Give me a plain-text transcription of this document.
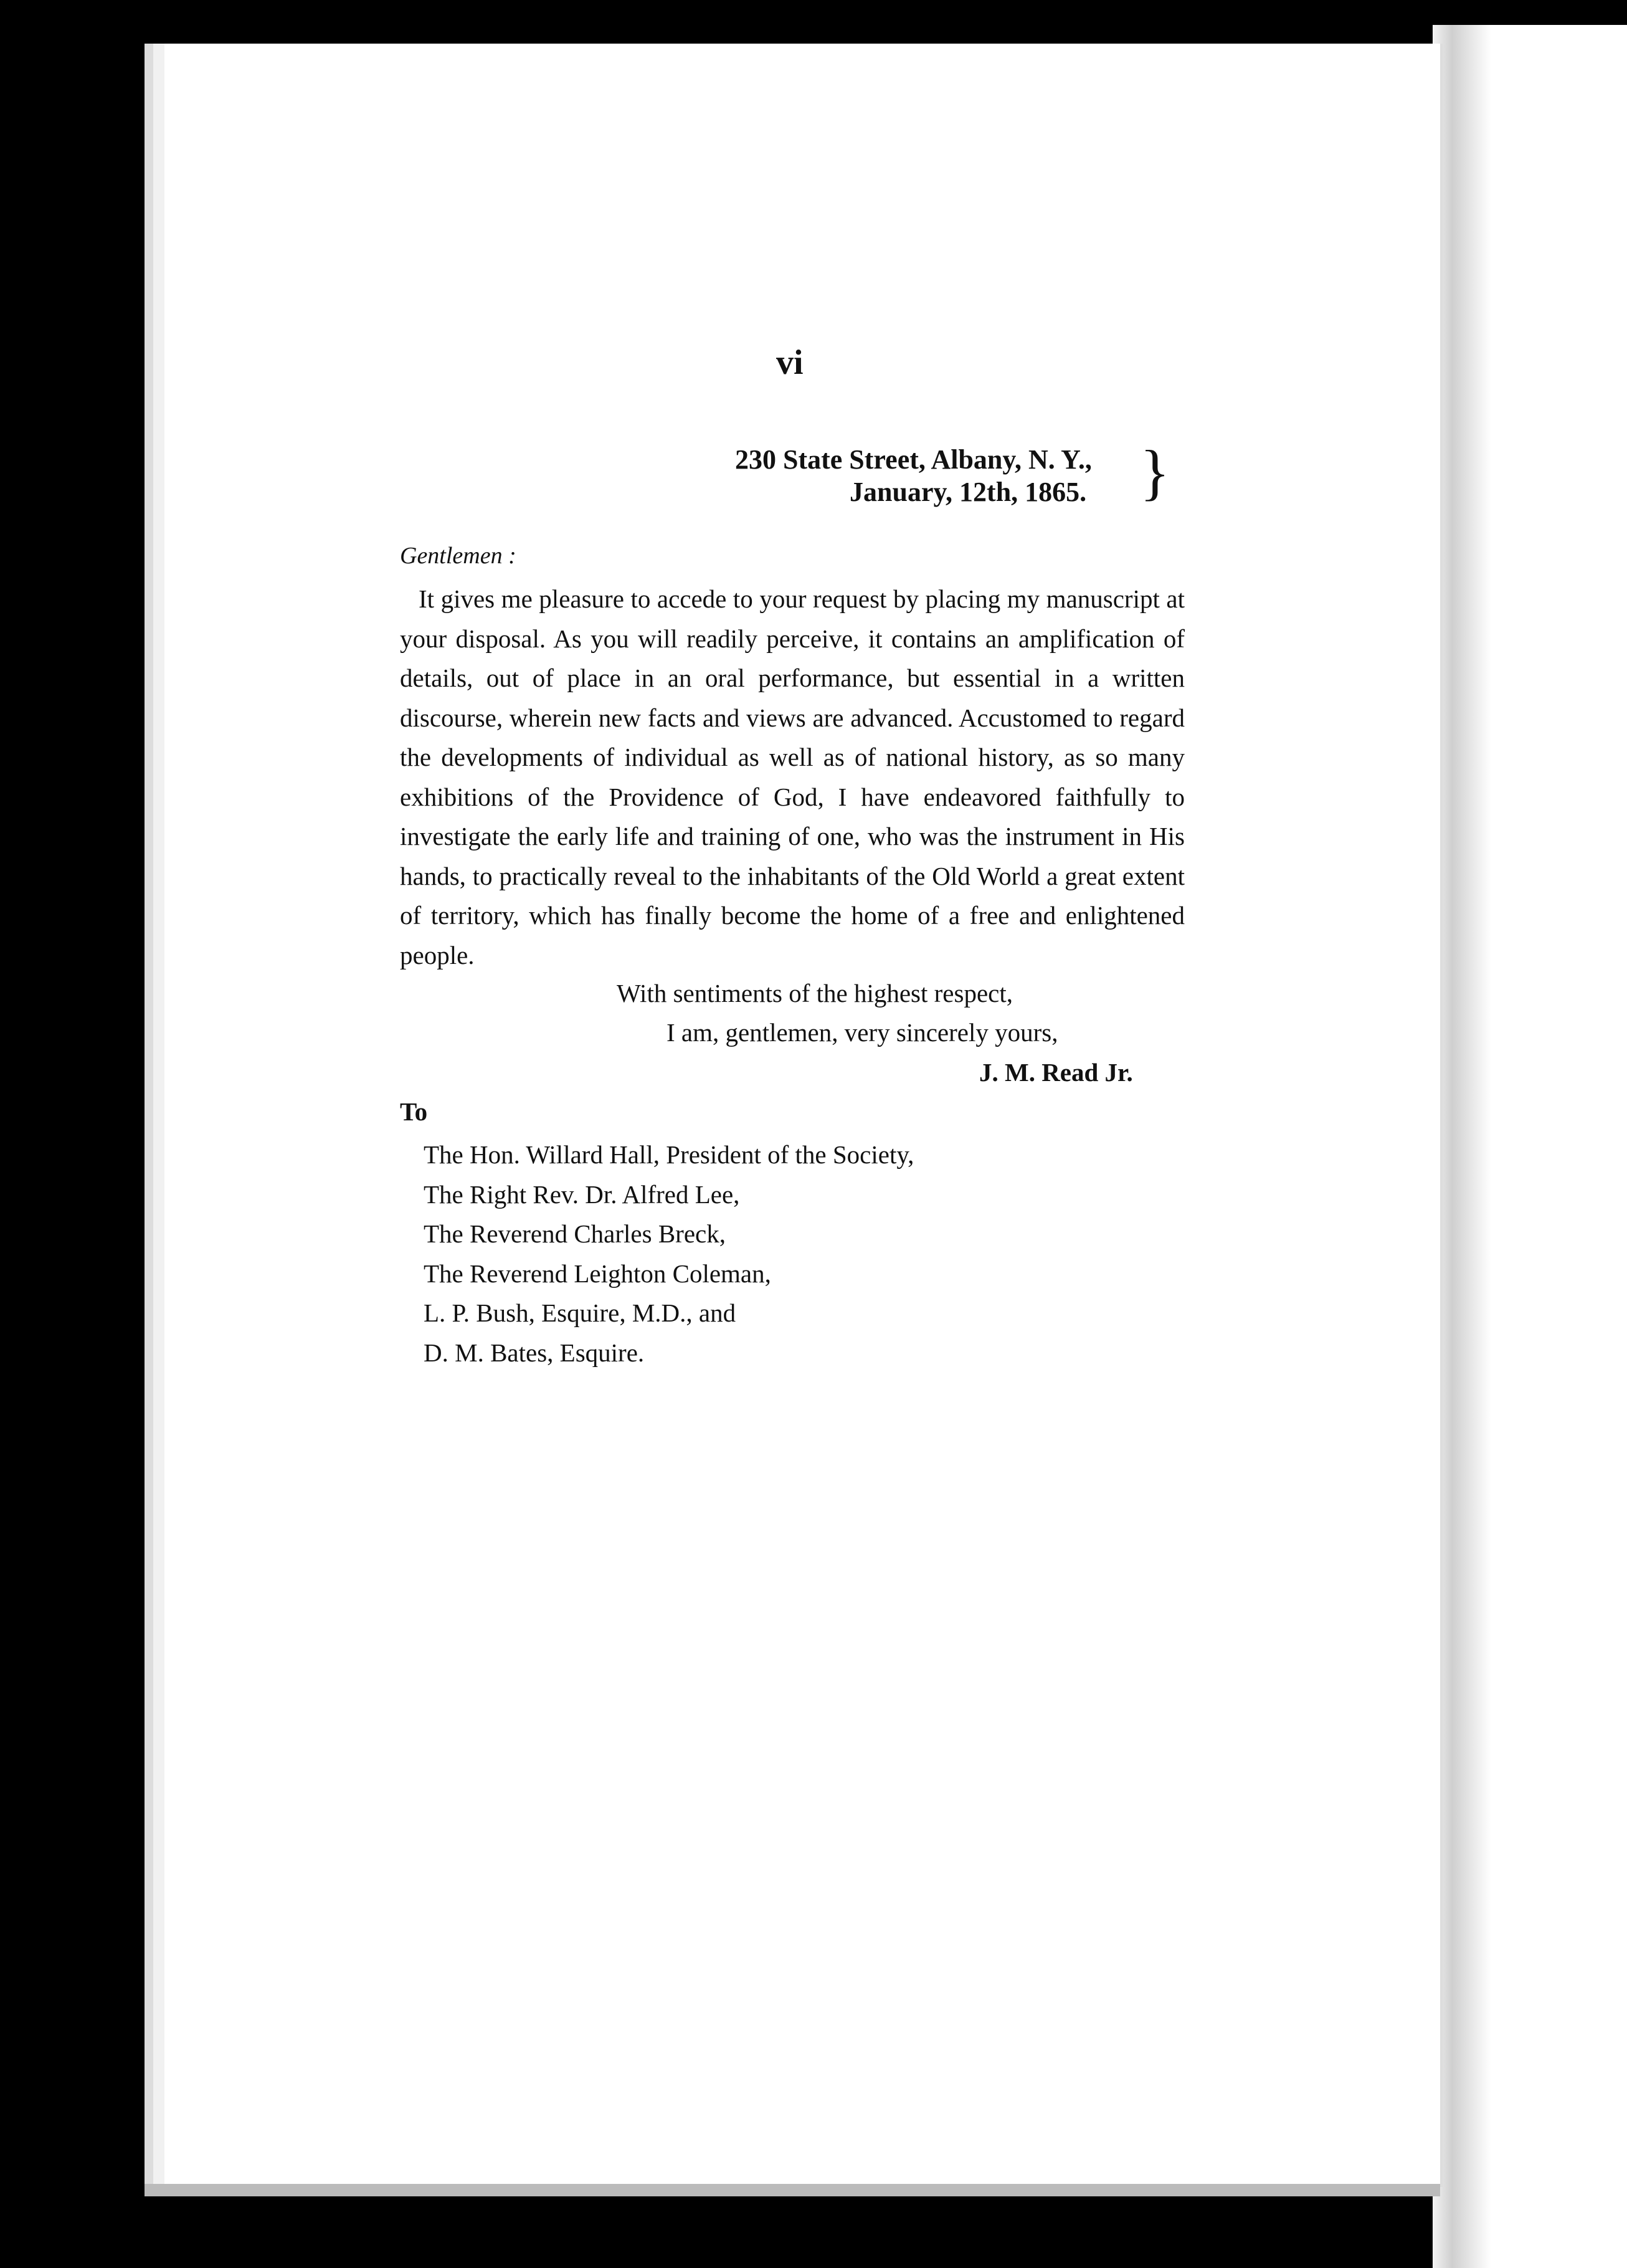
vi
230 State Street, Albany, N. Y.,
January, 12th, 1865. }
Gentlemen :

It gives me pleasure to accede to your request by placing my manuscript at your disposal. As you will readily perceive, it contains an amplification of details, out of place in an oral performance, but essential in a written discourse, wherein new facts and views are advanced. Accustomed to regard the developments of individual as well as of national history, as so many exhibitions of the Providence of God, I have endeavored faithfully to investigate the early life and training of one, who was the instrument in His hands, to practically reveal to the inhabitants of the Old World a great extent of territory, which has finally become the home of a free and enlightened people.

With sentiments of the highest respect,
I am, gentlemen, very sincerely yours,
J. M. Read Jr.
To
The Hon. Willard Hall, President of the Society,
The Right Rev. Dr. Alfred Lee,
The Reverend Charles Breck,
The Reverend Leighton Coleman,
L. P. Bush, Esquire, M.D., and
D. M. Bates, Esquire.
